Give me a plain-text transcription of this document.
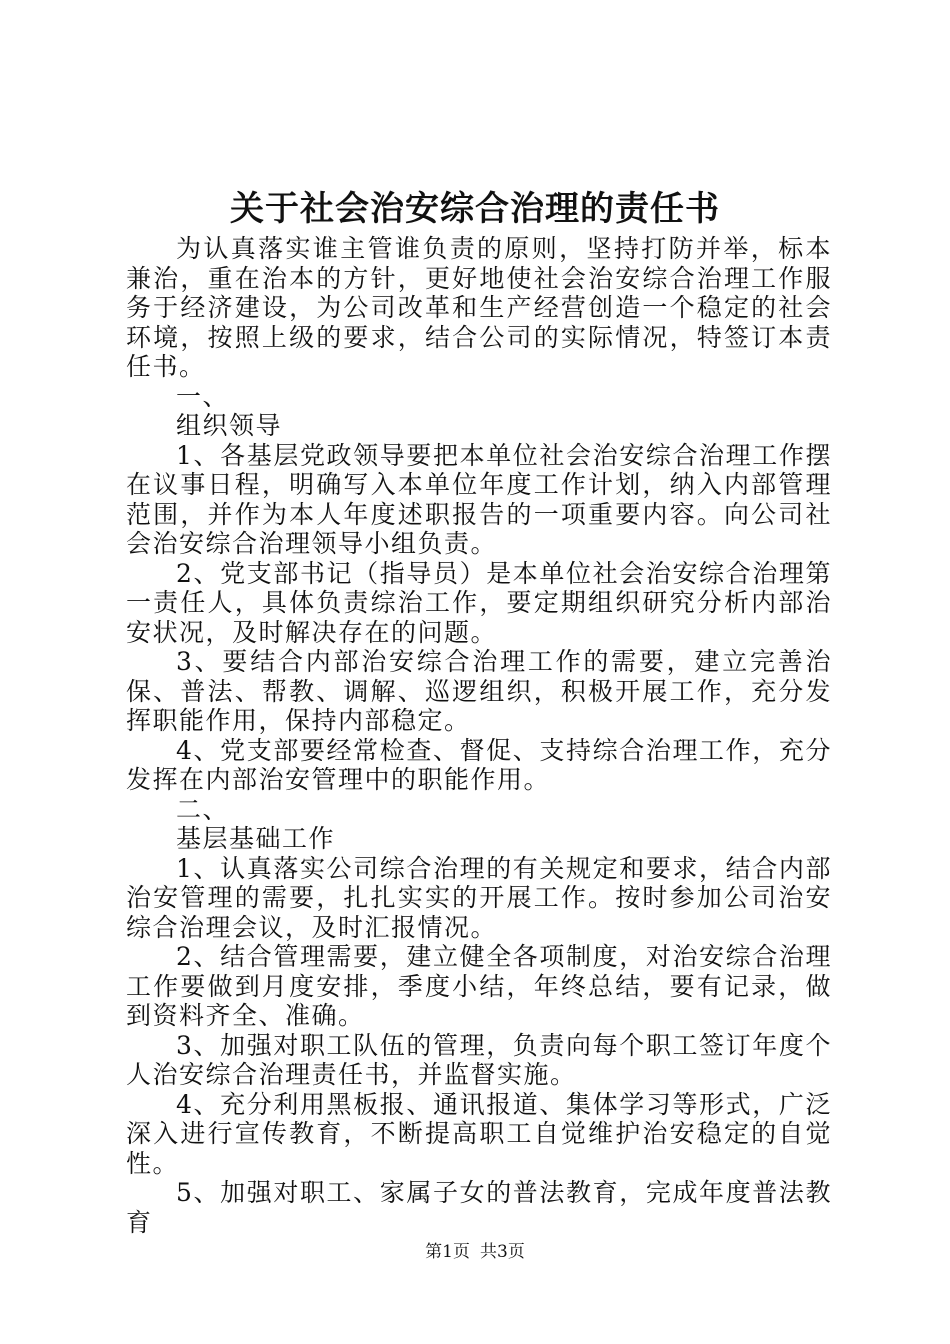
关于社会治安综合治理的责任书

为认真落实谁主管谁负责的原则，坚持打防并举，标本兼治，重在治本的方针，更好地使社会治安综合治理工作服务于经济建设，为公司改革和生产经营创造一个稳定的社会环境，按照上级的要求，结合公司的实际情况，特签订本责任书。

一、

组织领导

1、各基层党政领导要把本单位社会治安综合治理工作摆在议事日程，明确写入本单位年度工作计划，纳入内部管理范围，并作为本人年度述职报告的一项重要内容。向公司社会治安综合治理领导小组负责。

2、党支部书记（指导员）是本单位社会治安综合治理第一责任人，具体负责综治工作，要定期组织研究分析内部治安状况，及时解决存在的问题。

3、要结合内部治安综合治理工作的需要，建立完善治保、普法、帮教、调解、巡逻组织，积极开展工作，充分发挥职能作用，保持内部稳定。

4、党支部要经常检查、督促、支持综合治理工作，充分发挥在内部治安管理中的职能作用。

二、

基层基础工作

1、认真落实公司综合治理的有关规定和要求，结合内部治安管理的需要，扎扎实实的开展工作。按时参加公司治安综合治理会议，及时汇报情况。

2、结合管理需要，建立健全各项制度，对治安综合治理工作要做到月度安排，季度小结，年终总结，要有记录，做到资料齐全、准确。

3、加强对职工队伍的管理，负责向每个职工签订年度个人治安综合治理责任书，并监督实施。

4、充分利用黑板报、通讯报道、集体学习等形式，广泛深入进行宣传教育，不断提高职工自觉维护治安稳定的自觉性。

5、加强对职工、家属子女的普法教育，完成年度普法教育

第1页 共3页
